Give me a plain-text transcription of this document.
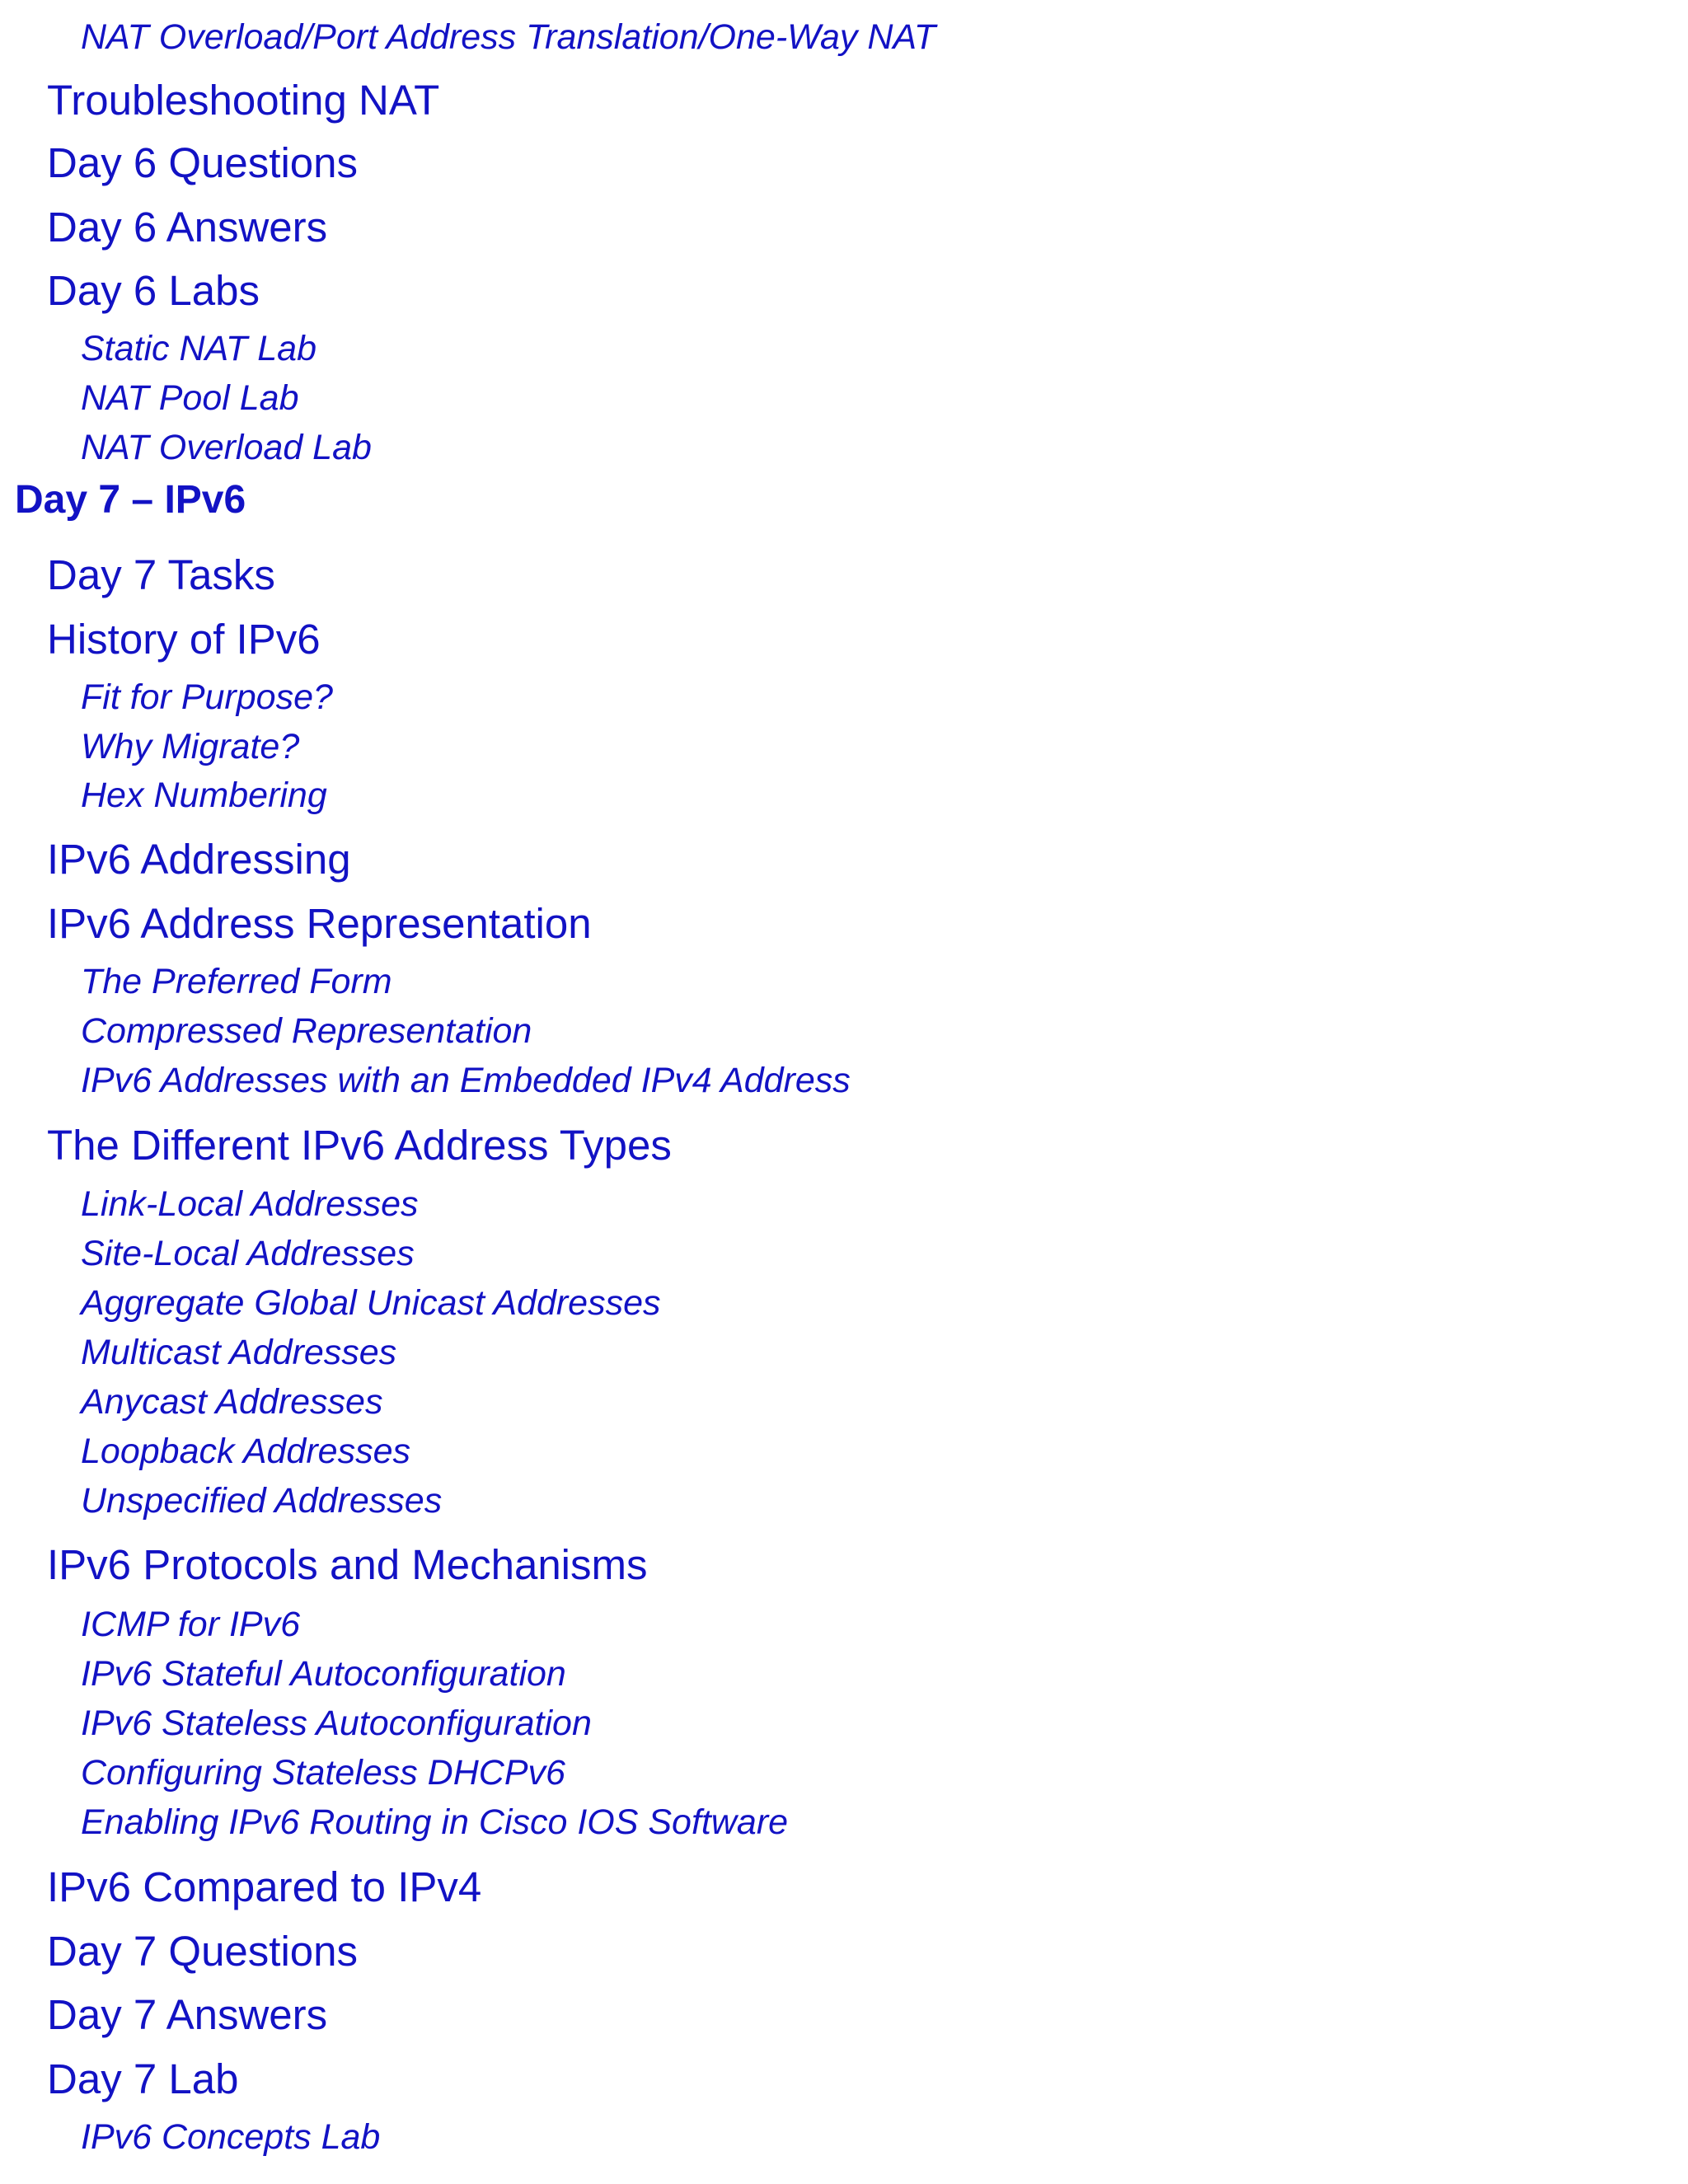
NAT Overload/Port Address Translation/One-Way NAT
Troubleshooting NAT
Day 6 Questions
Day 6 Answers
Day 6 Labs
Static NAT Lab
NAT Pool Lab
NAT Overload Lab
Day 7 – IPv6
Day 7 Tasks
History of IPv6
Fit for Purpose?
Why Migrate?
Hex Numbering
IPv6 Addressing
IPv6 Address Representation
The Preferred Form
Compressed Representation
IPv6 Addresses with an Embedded IPv4 Address
The Different IPv6 Address Types
Link-Local Addresses
Site-Local Addresses
Aggregate Global Unicast Addresses
Multicast Addresses
Anycast Addresses
Loopback Addresses
Unspecified Addresses
IPv6 Protocols and Mechanisms
ICMP for IPv6
IPv6 Stateful Autoconfiguration
IPv6 Stateless Autoconfiguration
Configuring Stateless DHCPv6
Enabling IPv6 Routing in Cisco IOS Software
IPv6 Compared to IPv4
Day 7 Questions
Day 7 Answers
Day 7 Lab
IPv6 Concepts Lab
